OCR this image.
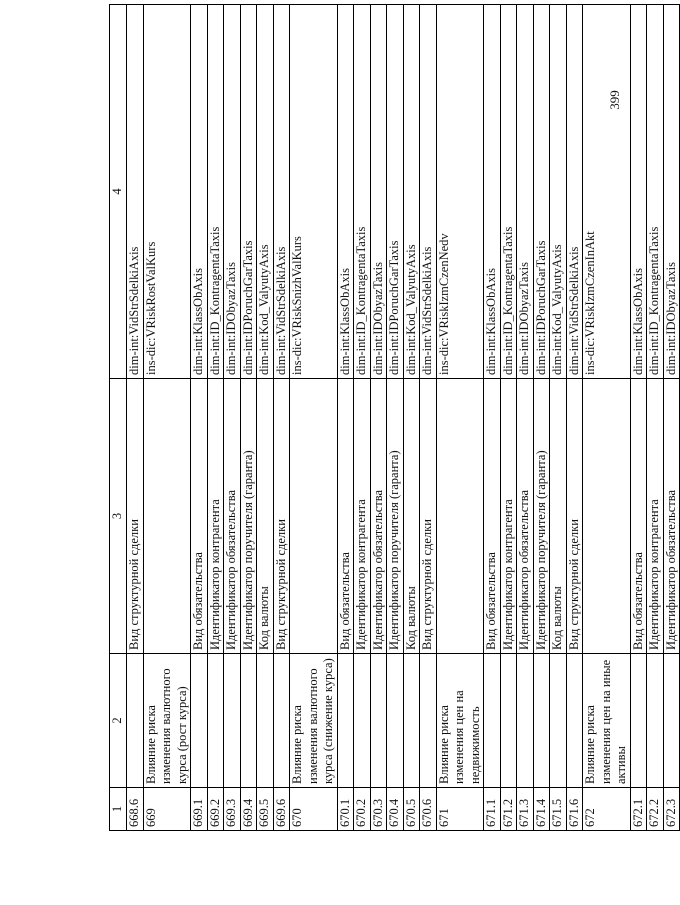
399
1	2	3	4
668.6		Вид структурной сделки	dim-int:VidStrSdelkiAxis
669	Влияние риска изменения валютного курса (рост курса)		ins-dic:VRiskRostValKurs
669.1		Вид обязательства	dim-int:KlassObAxis
669.2		Идентификатор контрагента	dim-int:ID_KontragentaTaxis
669.3		Идентификатор обязательства	dim-int:IDObyazTaxis
669.4		Идентификатор поручителя (гаранта)	dim-int:IDPoruchGarTaxis
669.5		Код валюты	dim-int:Kod_ValyutyAxis
669.6		Вид структурной сделки	dim-int:VidStrSdelkiAxis
670	Влияние риска изменения валютного курса (снижение курса)		ins-dic:VRiskSnizhValKurs
670.1		Вид обязательства	dim-int:KlassObAxis
670.2		Идентификатор контрагента	dim-int:ID_KontragentaTaxis
670.3		Идентификатор обязательства	dim-int:IDObyazTaxis
670.4		Идентификатор поручителя (гаранта)	dim-int:IDPoruchGarTaxis
670.5		Код валюты	dim-int:Kod_ValyutyAxis
670.6		Вид структурной сделки	dim-int:VidStrSdelkiAxis
671	Влияние риска изменения цен на недвижимость		ins-dic:VRiskIzmCzenNedv
671.1		Вид обязательства	dim-int:KlassObAxis
671.2		Идентификатор контрагента	dim-int:ID_KontragentaTaxis
671.3		Идентификатор обязательства	dim-int:IDObyazTaxis
671.4		Идентификатор поручителя (гаранта)	dim-int:IDPoruchGarTaxis
671.5		Код валюты	dim-int:Kod_ValyutyAxis
671.6		Вид структурной сделки	dim-int:VidStrSdelkiAxis
672	Влияние риска изменения цен на иные активы		ins-dic:VRiskIzmCzenInAkt
672.1		Вид обязательства	dim-int:KlassObAxis
672.2		Идентификатор контрагента	dim-int:ID_KontragentaTaxis
672.3		Идентификатор обязательства	dim-int:IDObyazTaxis
